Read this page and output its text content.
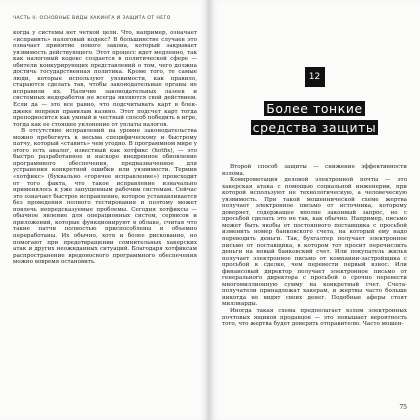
ЧАСТЬ II. ОСНОВНЫЕ ВИДЫ ХАКИНГА И ЗАЩИТА ОТ НЕГО

когда у системы нет четкой цели. Что, например, означает «исправить» налоговый кодекс? В большинстве случаев это означает принятие нового закона, который закрывает уязвимость действующего. Этот процесс идет медленно, так как налоговый кодекс создается в политической сфере — обители конкурирующих представлений о том, чего должна достичь государственная политика. Кроме того, те самые люди, которые используют уязвимости, как правило, стараются сделать так, чтобы законодательные органы не исправили их. Наличие законодательных лазеек и системных недоработок не всегда являются свой действием. Если да — это все равно, что подсчитывать карт в блек-джеке вопреки правилам казино. Этот подсчет карт тогда преподносится как умный и честный способ победить в игре, тогда как ее стоящее уклонение от уплаты налогов.

В отсутствие исправлений на уровне законодательства можно пребегнуть к весьма специфическому и быстрому патчу, который «ставить» чем угодно. В программном мире у этого есть аналог, известный как хотфикс (hotfix), — это быстро разработанное и наскоро внедренное обновление программного обеспечения, предназначенное для устранения конкретной ошибки или уязвимости. Термин «хотфикс» (буквально «горячее исправление») происходит от того факта, что такое исправление изначально применялось к уже запущенным рабочим системам. Сейчас это означает быстрое исправление, которое устанавливается без проведения полного тестирования и поэтому может повлечь непредсказуемые проблемы. Сегодня хотфиксы — обычное явление для операционных систем, сервисов и приложений, которые функционируют в облаке, считая что такие патчи полностью приспособлены и объемно переработаны. Их обычно, хотя и более рискованно, но помогают при предотвращении сомнительных хакерских атак и других неожиданных ситуаций. Благодаря хотфиксам распространение вредоносного программного обеспечения можно вовремя остановить.

12
Более тонкие
средства защиты

Второй способ защиты — снижение эффективности взлома.

Компрометация деловой электронной почты — это хакерская атака с помощью социальной инженерии, при которой используют не технологическую, а человеческую уязвимость. При такой мошеннической схеме жертва получает электронное письмо от источника, которому доверяет, содержащее вполне законный запрос, но с просьбой сделать это не так, как обычно. Например, письмо может быть якобы от постоянного поставщика с просьбой изменить номер банковского счета, на который ему надо переводить деньги. Так, бухгалтер получает электронное письмо от поставщика, в котором тот просит перечислить деньги на новый банковский счет. Или покупатель жилья получает электронное письмо от компании-застройщика с просьбой к сделке, чем перевести первый взнос. Или финансовый директор получает электронное письмо от генерального директора с просьбой о срочно перевести многомиллионную сумму на конкретный счет. Счета-получатели принадлежат хакерам, и жертвы часто больше никогда не видят своих денег. Подобные аферы стоят миллиарды.

Иногда такая схема предполагает взлом электронных почтовых ящиков продавцов — это повышает вероятность того, что жертва будет доверять отправителю. Часто мошен-

75
